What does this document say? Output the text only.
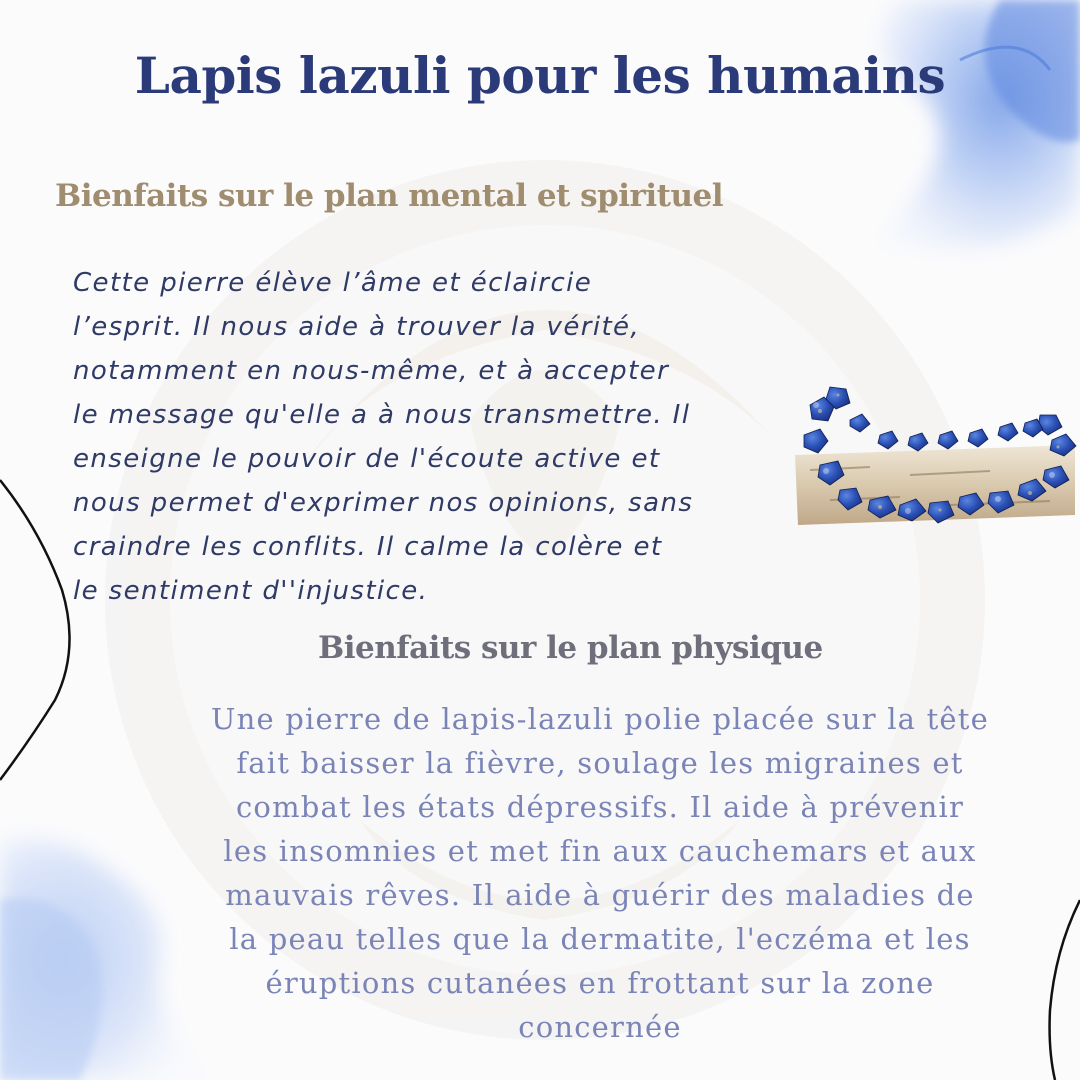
Lapis lazuli pour les humains
Bienfaits sur le plan mental et spirituel

Cette pierre élève l’âme et éclaircie
l’esprit. Il nous aide à trouver la vérité,
notamment en nous-même, et à accepter
le message qu'elle a à nous transmettre. Il
enseigne le pouvoir de l'écoute active et
nous permet d'exprimer nos opinions, sans
craindre les conflits. Il calme la colère et
le sentiment d''injustice.

Bienfaits sur le plan physique

Une pierre de lapis-lazuli polie placée sur la tête
fait baisser la fièvre, soulage les migraines et
combat les états dépressifs. Il aide à prévenir
les insomnies et met fin aux cauchemars et aux
mauvais rêves. Il aide à guérir des maladies de
la peau telles que la dermatite, l'eczéma et les
éruptions cutanées en frottant sur la zone
concernée
